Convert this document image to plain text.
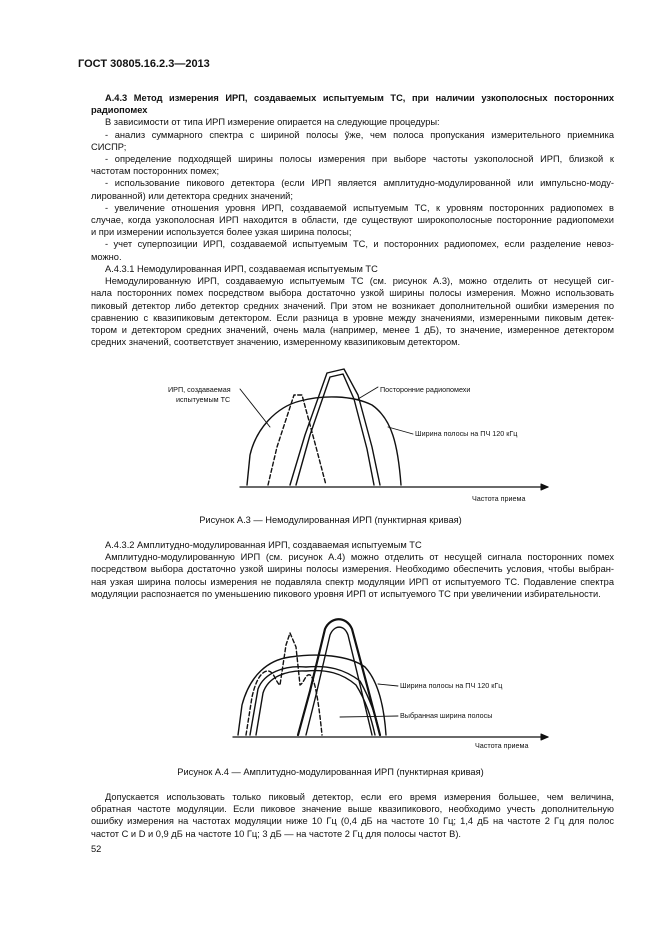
ГОСТ 30805.16.2.3—2013
А.4.3 Метод измерения ИРП, создаваемых испытуемым ТС, при наличии узкополосных посторонних
радиопомех
В зависимости от типа ИРП измерение опирается на следующие процедуры:
- анализ суммарного спектра с шириной полосы ỹже, чем полоса пропускания измерительного приемника
СИСПР;
- определение подходящей ширины полосы измерения при выборе частоты узкополосной ИРП, близкой к
частотам посторонних помех;
- использование пикового детектора (если ИРП является амплитудно-модулированной или импульсно-моду-
лированной) или детектора средних значений;
- увеличение отношения уровня ИРП, создаваемой испытуемым ТС, к уровням посторонних радиопомех в
случае, когда узкополосная ИРП находится в области, где существуют широкополосные посторонние радиопомехи
и при измерении используется более узкая ширина полосы;
- учет суперпозиции ИРП, создаваемой испытуемым ТС, и посторонних радиопомех, если разделение невоз-
можно.
А.4.3.1 Немодулированная ИРП, создаваемая испытуемым ТС
Немодулированную ИРП, создаваемую испытуемым ТС (см. рисунок А.3), можно отделить от несущей сиг-
нала посторонних помех посредством выбора достаточно узкой ширины полосы измерения. Можно использовать
пиковый детектор либо детектор средних значений. При этом не возникает дополнительной ошибки измерения по
сравнению с квазипиковым детектором. Если разница в уровне между значениями, измеренными пиковым детек-
тором и детектором средних значений, очень мала (например, менее 1 дБ), то значение, измеренное детектором
средних значений, соответствует значению, измеренному квазипиковым детектором.
ИРП, создаваемая
испытуемым ТС
Посторонние радиопомехи
Ширина полосы на ПЧ 120 кГц
Частота приема
Рисунок А.3 — Немодулированная ИРП (пунктирная кривая)
А.4.3.2 Амплитудно-модулированная ИРП, создаваемая испытуемым ТС
Амплитудно-модулированную ИРП (см. рисунок А.4) можно отделить от несущей сигнала посторонних помех
посредством выбора достаточно узкой ширины полосы измерения. Необходимо обеспечить условия, чтобы выбран-
ная узкая ширина полосы измерения не подавляла спектр модуляции ИРП от испытуемого ТС. Подавление спектра
модуляции распознается по уменьшению пикового уровня ИРП от испытуемого ТС при увеличении избирательности.
Ширина полосы на ПЧ 120 кГц
Выбранная ширина полосы
Частота приема
Рисунок А.4 — Амплитудно-модулированная ИРП (пунктирная кривая)
Допускается использовать только пиковый детектор, если его время измерения большее, чем величина,
обратная частоте модуляции. Если пиковое значение выше квазипикового, необходимо учесть дополнительную
ошибку измерения на частотах модуляции ниже 10 Гц (0,4 дБ на частоте 10 Гц; 1,4 дБ на частоте 2 Гц для полос
частот С и D и 0,9 дБ на частоте 10 Гц; 3 дБ — на частоте 2 Гц для полосы частот В).
52
